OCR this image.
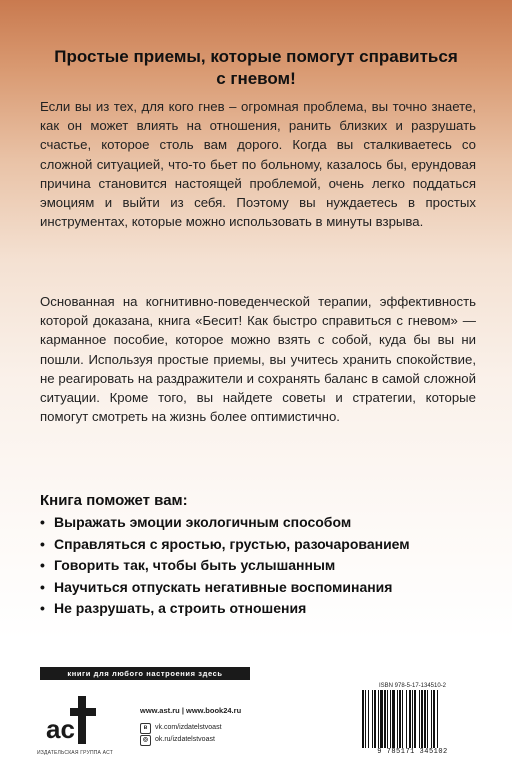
Простые приемы, которые помогут справиться с гневом!

Если вы из тех, для кого гнев – огромная проблема, вы точно знаете, как он может влиять на отношения, ранить близких и разрушать счастье, которое столь вам дорого. Когда вы сталкиваетесь со сложной ситуацией, что-то бьет по больному, казалось бы, ерундовая причина становится настоящей проблемой, очень легко поддаться эмоциям и выйти из себя. Поэтому вы нуждаетесь в простых инструментах, которые можно использовать в минуты взрыва.

Основанная на когнитивно-поведенческой терапии, эффективность которой доказана, книга «Бесит! Как быстро справиться с гневом» — карманное пособие, которое можно взять с собой, куда бы вы ни пошли. Используя простые приемы, вы учитесь хранить спокойствие, не реагировать на раздражители и сохранять баланс в самой сложной ситуации. Кроме того, вы найдете советы и стратегии, которые помогут смотреть на жизнь более оптимистично.

Книга поможет вам:
• Выражать эмоции экологичным способом
• Справляться с яростью, грустью, разочарованием
• Говорить так, чтобы быть услышанным
• Научиться отпускать негативные воспоминания
• Не разрушать, а строить отношения
книги для любого настроения здесь
ас
ИЗДАТЕЛЬСКАЯ ГРУППА АСТ
www.ast.ru | www.book24.ru
в	vk.com/izdatelstvoast
◎ ok.ru/izdatelstvoast
ISBN 978-5-17-134510-2
9 785171 345102
